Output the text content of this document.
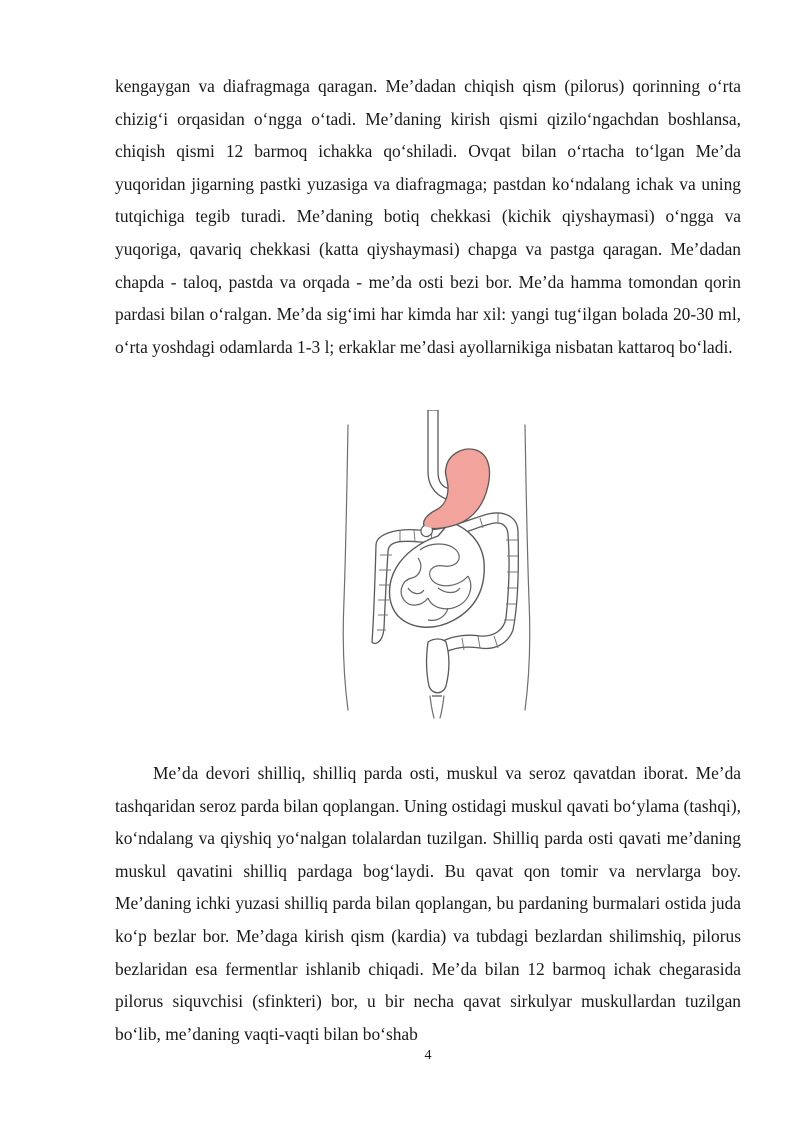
kengaygan va diafragmaga qaragan. Me’dadan chiqish qism (pilorus) qorinning o‘rta chizig‘i orqasidan o‘ngga o‘tadi. Me’daning kirish qismi qizilo‘ngachdan boshlansa, chiqish qismi 12 barmoq ichakka qo‘shiladi. Ovqat bilan o‘rtacha to‘lgan Me’da yuqoridan jigarning pastki yuzasiga va diafragmaga; pastdan ko‘ndalang ichak va uning tutqichiga tegib turadi. Me’daning botiq chekkasi (kichik qiyshaymasi) o‘ngga va yuqoriga, qavariq chekkasi (katta qiyshaymasi) chapga va pastga qaragan. Me’dadan chapda - taloq, pastda va orqada - me’da osti bezi bor. Me’da hamma tomondan qorin pardasi bilan o‘ralgan. Me’da sig‘imi har kimda har xil: yangi tug‘ilgan bolada 20-30 ml, o‘rta yoshdagi odamlarda 1-3 l; erkaklar me’dasi ayollarnikiga nisbatan kattaroq bo‘ladi.

Me’da devori shilliq, shilliq parda osti, muskul va seroz qavatdan iborat. Me’da tashqaridan seroz parda bilan qoplangan. Uning ostidagi muskul qavati bo‘ylama (tashqi), ko‘ndalang va qiyshiq yo‘nalgan tolalardan tuzilgan. Shilliq parda osti qavati me’daning muskul qavatini shilliq pardaga bog‘laydi. Bu qavat qon tomir va nervlarga boy. Me’daning ichki yuzasi shilliq parda bilan qoplangan, bu pardaning burmalari ostida juda ko‘p bezlar bor. Me’daga kirish qism (kardia) va tubdagi bezlardan shilimshiq, pilorus bezlaridan esa fermentlar ishlanib chiqadi. Me’da bilan 12 barmoq ichak chegarasida pilorus siquvchisi (sfinkteri) bor, u bir necha qavat sirkulyar muskullardan tuzilgan bo‘lib, me’daning vaqti-vaqti bilan bo‘shab

4
